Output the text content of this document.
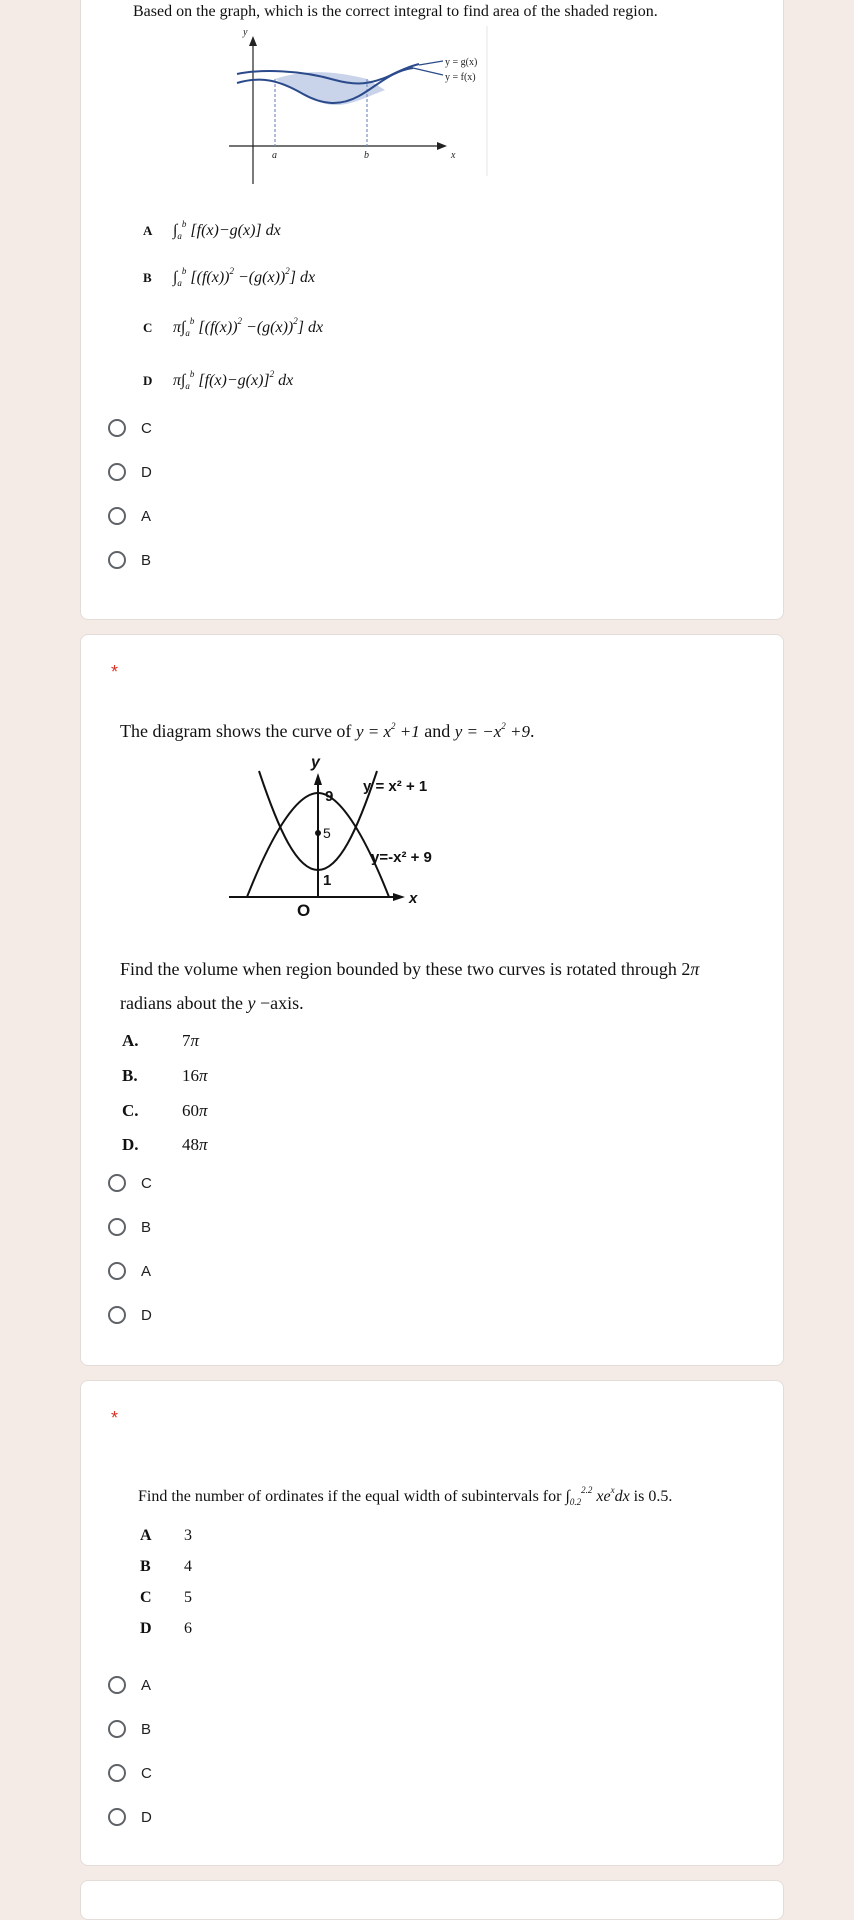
Based on the graph, which is the correct integral to find area of the shaded region.
y = g(x)
y = f(x)
y
x
a	b
A $\int_a^b$ [f(x)−g(x)] dx
B $\int_a^b$ $[(f(x))^2 -(g(x))^2]$ dx
C $\pi\int_a^b$ $[(f(x))^2 -(g(x))^2]$ dx
D $\pi\int_a^b$ $[f(x)-g(x)]^2$ dx
C
D
A
B
*
The diagram shows the curve of $y = x^2 +1$ and $y = -x^2 +9$.
y
9
5
1
O
x
y = x² + 1
y=-x² + 9
Find the volume when region bounded by these two curves is rotated through 2π
radians about the y −axis.
A.	7π
B.	16π
C.	60π
D.	48π
C
B
A
D
*
Find the number of ordinates if the equal width of subintervals for $\int_{0.2}^{2.2}$ $xe^xdx$ is 0.5.
A 3
B 4
C 5
D 6
A
B
C
D
